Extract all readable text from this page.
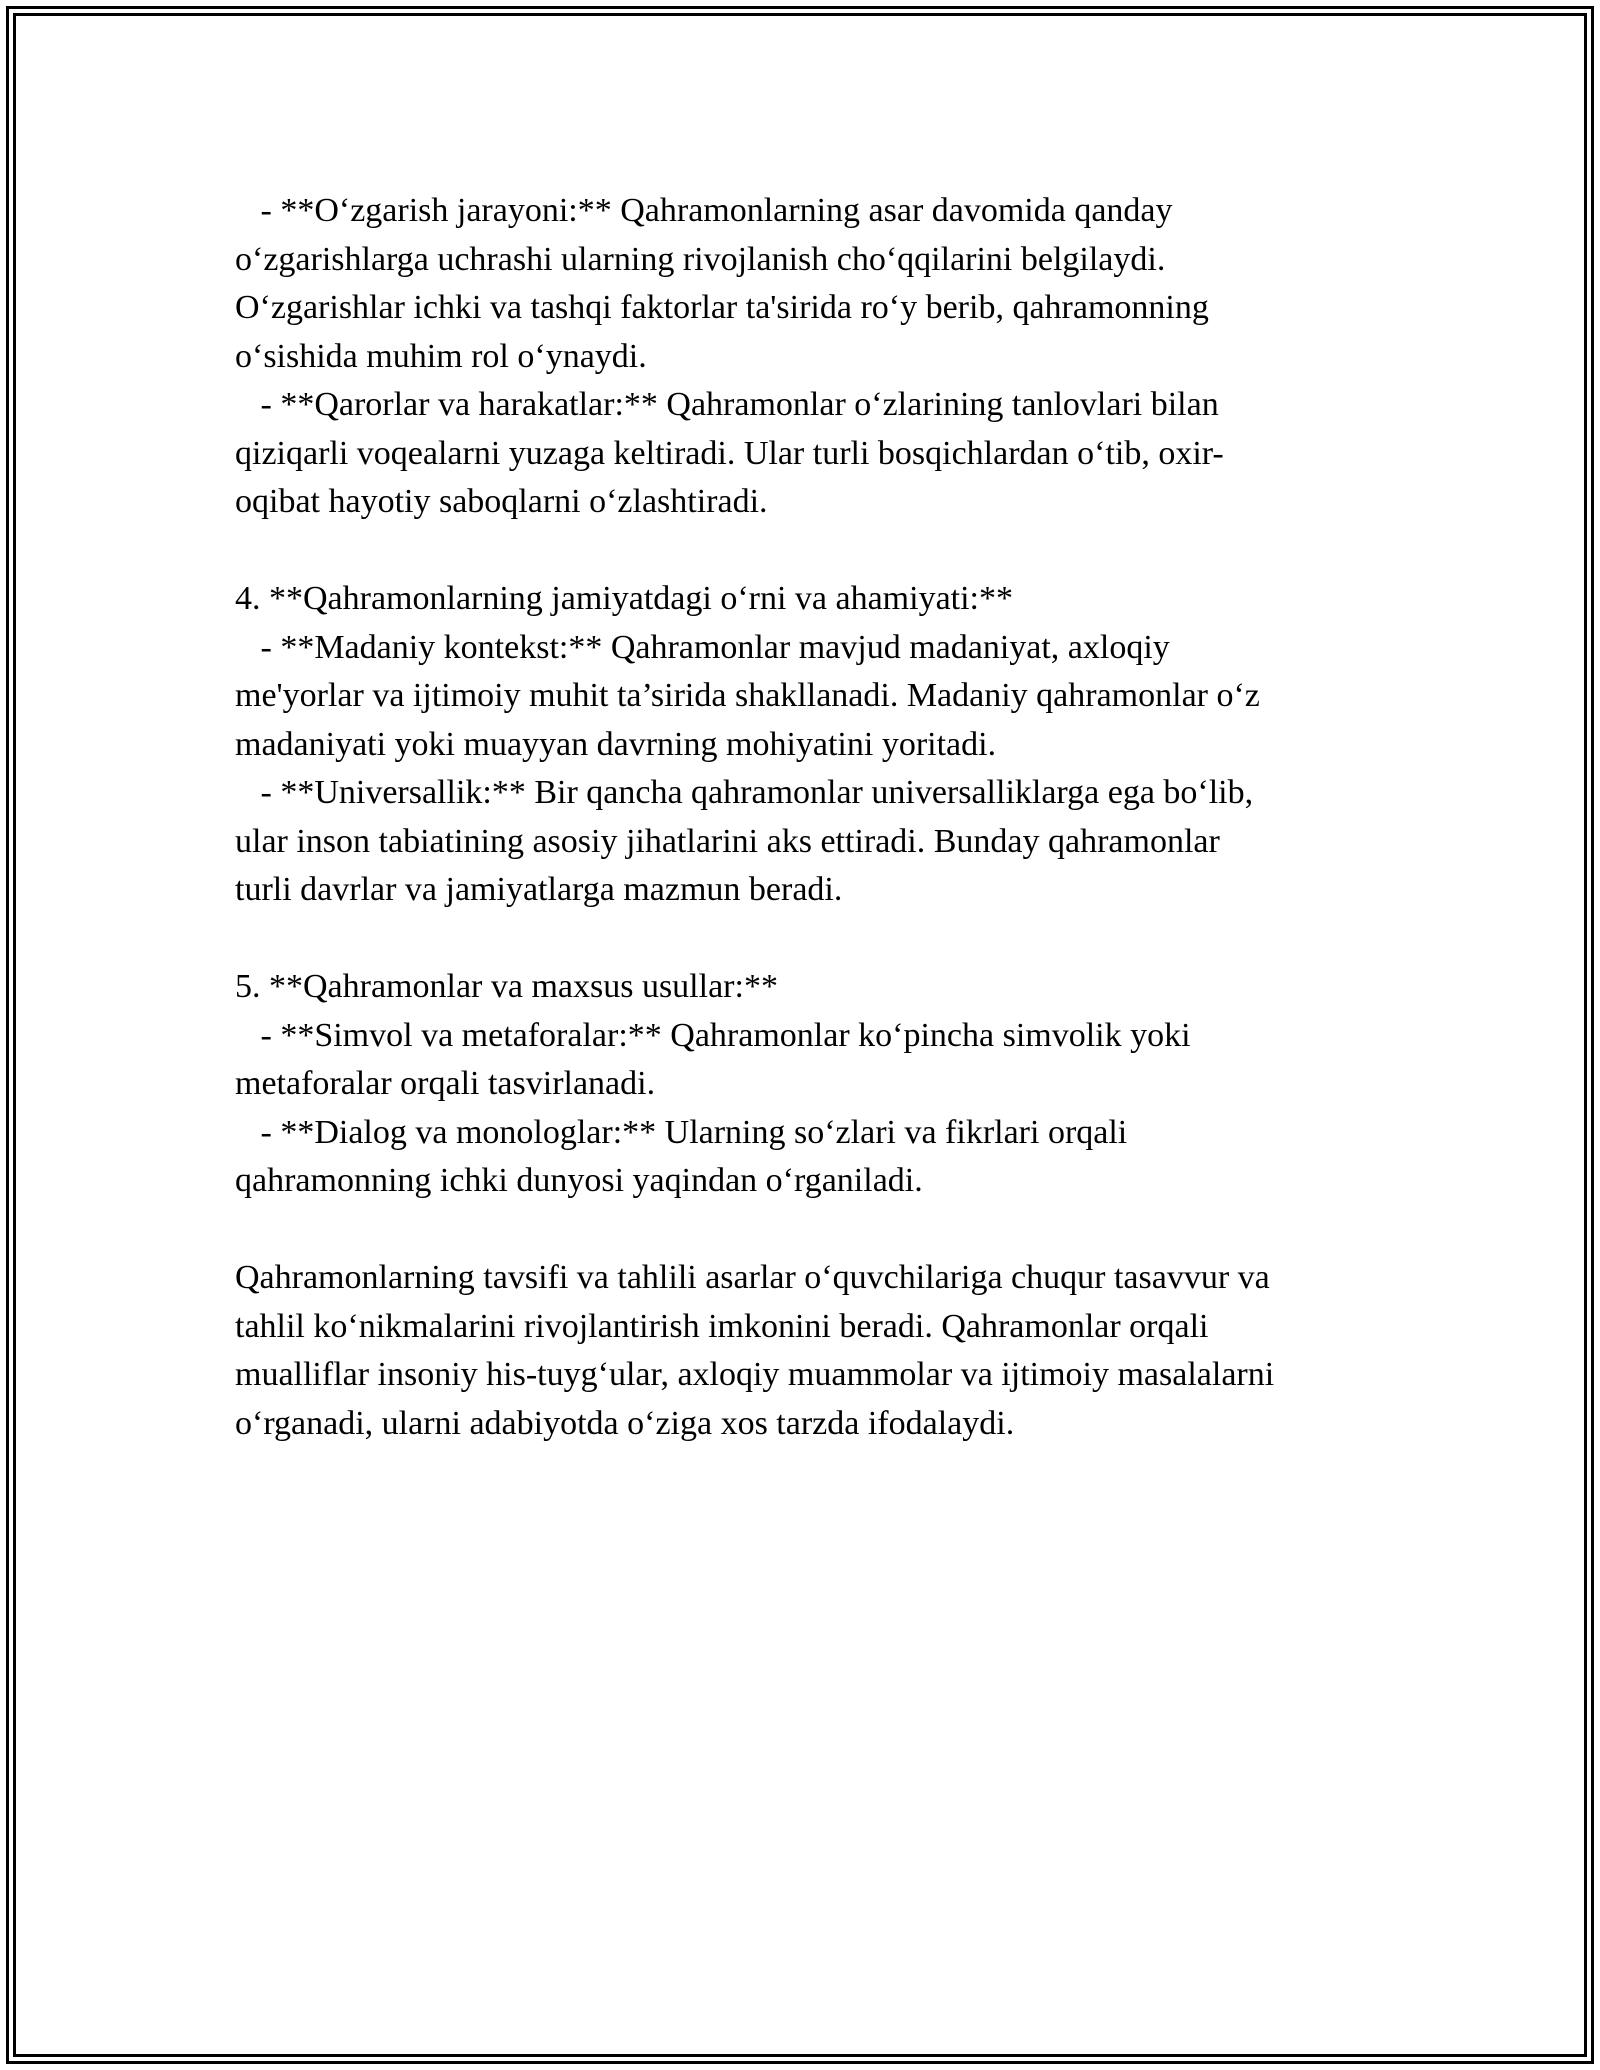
- **O‘zgarish jarayoni:** Qahramonlarning asar davomida qanday
o‘zgarishlarga uchrashi ularning rivojlanish cho‘qqilarini belgilaydi.
O‘zgarishlar ichki va tashqi faktorlar ta'sirida ro‘y berib, qahramonning
o‘sishida muhim rol o‘ynaydi.
- **Qarorlar va harakatlar:** Qahramonlar o‘zlarining tanlovlari bilan
qiziqarli voqealarni yuzaga keltiradi. Ular turli bosqichlardan o‘tib, oxir-
oqibat hayotiy saboqlarni o‘zlashtiradi.
4. **Qahramonlarning jamiyatdagi o‘rni va ahamiyati:**
- **Madaniy kontekst:** Qahramonlar mavjud madaniyat, axloqiy
me'yorlar va ijtimoiy muhit ta’sirida shakllanadi. Madaniy qahramonlar o‘z
madaniyati yoki muayyan davrning mohiyatini yoritadi.
- **Universallik:** Bir qancha qahramonlar universalliklarga ega bo‘lib,
ular inson tabiatining asosiy jihatlarini aks ettiradi. Bunday qahramonlar
turli davrlar va jamiyatlarga mazmun beradi.
5. **Qahramonlar va maxsus usullar:**
- **Simvol va metaforalar:** Qahramonlar ko‘pincha simvolik yoki
metaforalar orqali tasvirlanadi.
- **Dialog va monologlar:** Ularning so‘zlari va fikrlari orqali
qahramonning ichki dunyosi yaqindan o‘rganiladi.
Qahramonlarning tavsifi va tahlili asarlar o‘quvchilariga chuqur tasavvur va
tahlil ko‘nikmalarini rivojlantirish imkonini beradi. Qahramonlar orqali
mualliflar insoniy his-tuyg‘ular, axloqiy muammolar va ijtimoiy masalalarni
o‘rganadi, ularni adabiyotda o‘ziga xos tarzda ifodalaydi.
